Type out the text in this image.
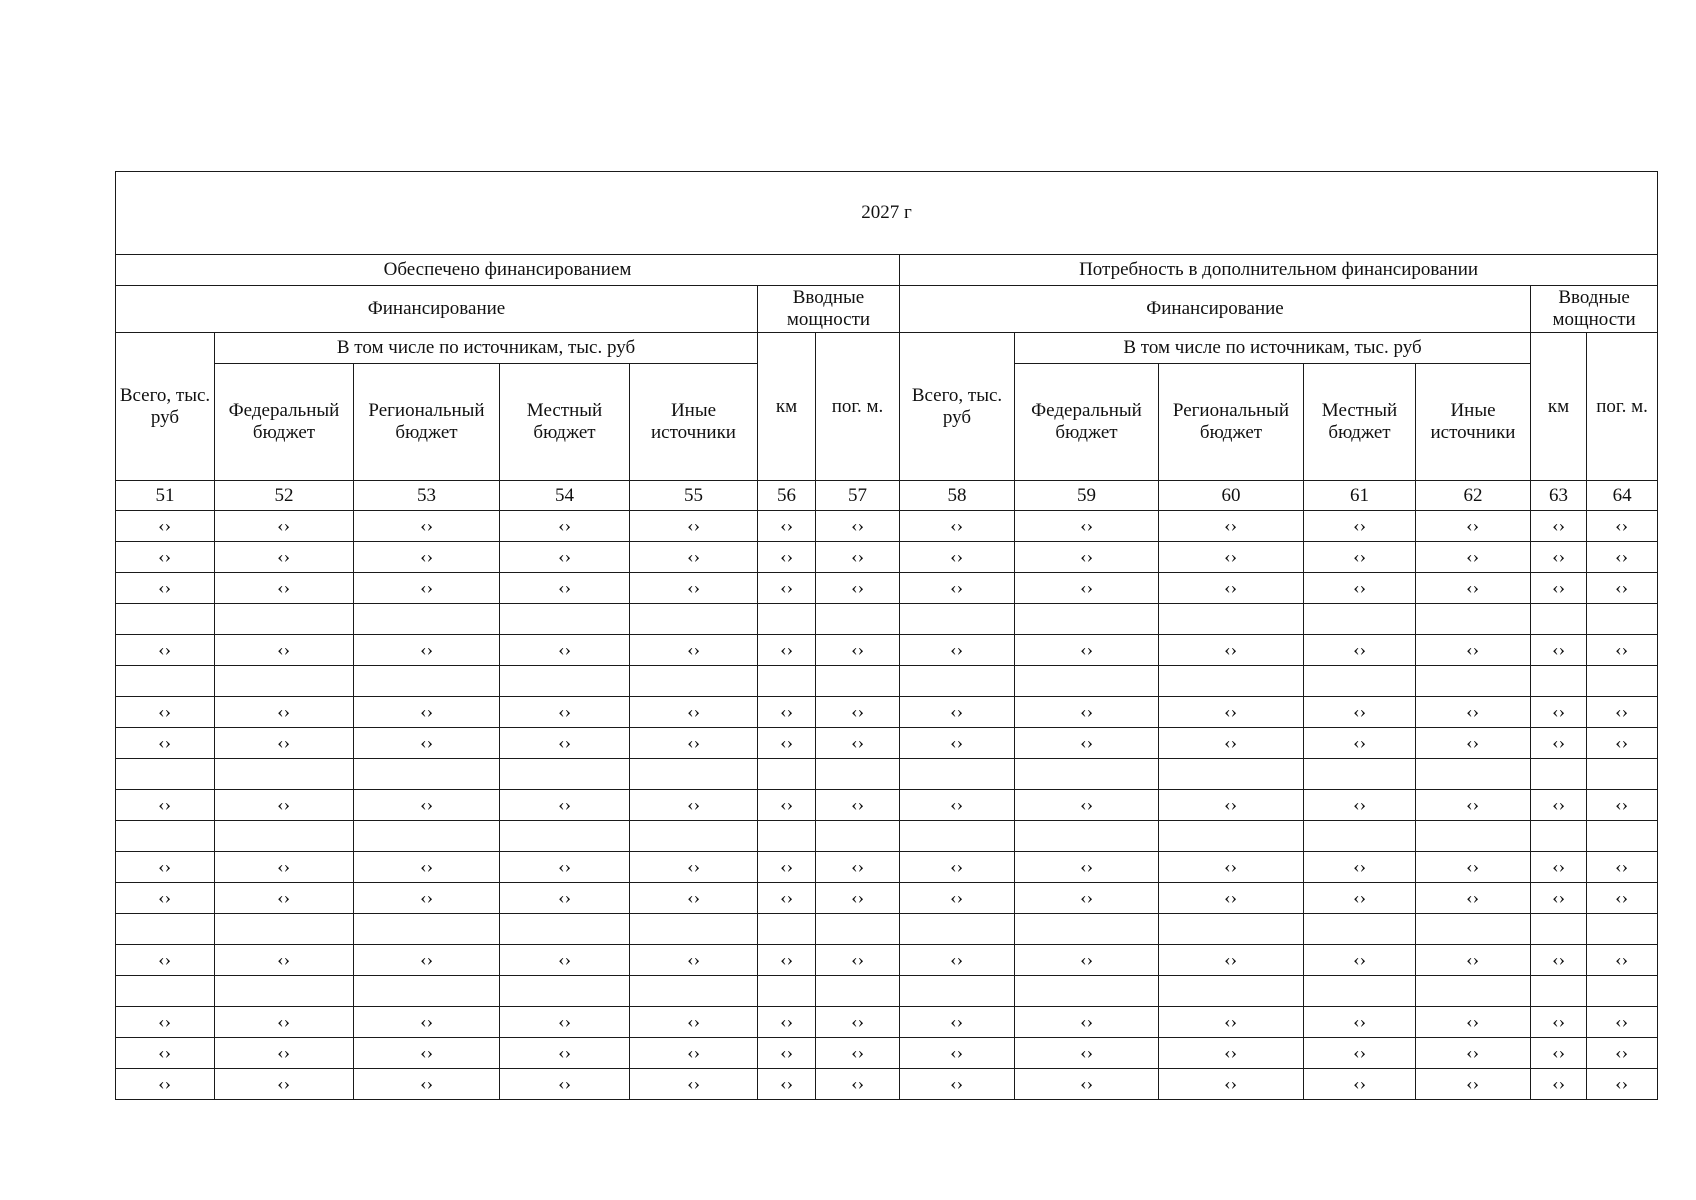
2027 г													
Обеспечено финансированием							Потребность в дополнительном финансировании						
Финансирование					Вводные мощности		Финансирование					Вводные мощности	
Всего, тыс. руб	В том числе по источникам, тыс. руб				км	пог. м.	Всего, тыс. руб	В том числе по источникам, тыс. руб				км	пог. м.
	Федеральный бюджет	Региональный бюджет	Местный бюджет	Иные источники				Федеральный бюджет	Региональный бюджет	Местный бюджет	Иные источники		
51	52	53	54	55	56	57	58	59	60	61	62	63	64
‹›	‹›	‹›	‹›	‹›	‹›	‹›	‹›	‹›	‹›	‹›	‹›	‹›	‹›
‹›	‹›	‹›	‹›	‹›	‹›	‹›	‹›	‹›	‹›	‹›	‹›	‹›	‹›
‹›	‹›	‹›	‹›	‹›	‹›	‹›	‹›	‹›	‹›	‹›	‹›	‹›	‹›

‹›	‹›	‹›	‹›	‹›	‹›	‹›	‹›	‹›	‹›	‹›	‹›	‹›	‹›

‹›	‹›	‹›	‹›	‹›	‹›	‹›	‹›	‹›	‹›	‹›	‹›	‹›	‹›
‹›	‹›	‹›	‹›	‹›	‹›	‹›	‹›	‹›	‹›	‹›	‹›	‹›	‹›

‹›	‹›	‹›	‹›	‹›	‹›	‹›	‹›	‹›	‹›	‹›	‹›	‹›	‹›

‹›	‹›	‹›	‹›	‹›	‹›	‹›	‹›	‹›	‹›	‹›	‹›	‹›	‹›
‹›	‹›	‹›	‹›	‹›	‹›	‹›	‹›	‹›	‹›	‹›	‹›	‹›	‹›

‹›	‹›	‹›	‹›	‹›	‹›	‹›	‹›	‹›	‹›	‹›	‹›	‹›	‹›

‹›	‹›	‹›	‹›	‹›	‹›	‹›	‹›	‹›	‹›	‹›	‹›	‹›	‹›
‹›	‹›	‹›	‹›	‹›	‹›	‹›	‹›	‹›	‹›	‹›	‹›	‹›	‹›
‹›	‹›	‹›	‹›	‹›	‹›	‹›	‹›	‹›	‹›	‹›	‹›	‹›	‹›
